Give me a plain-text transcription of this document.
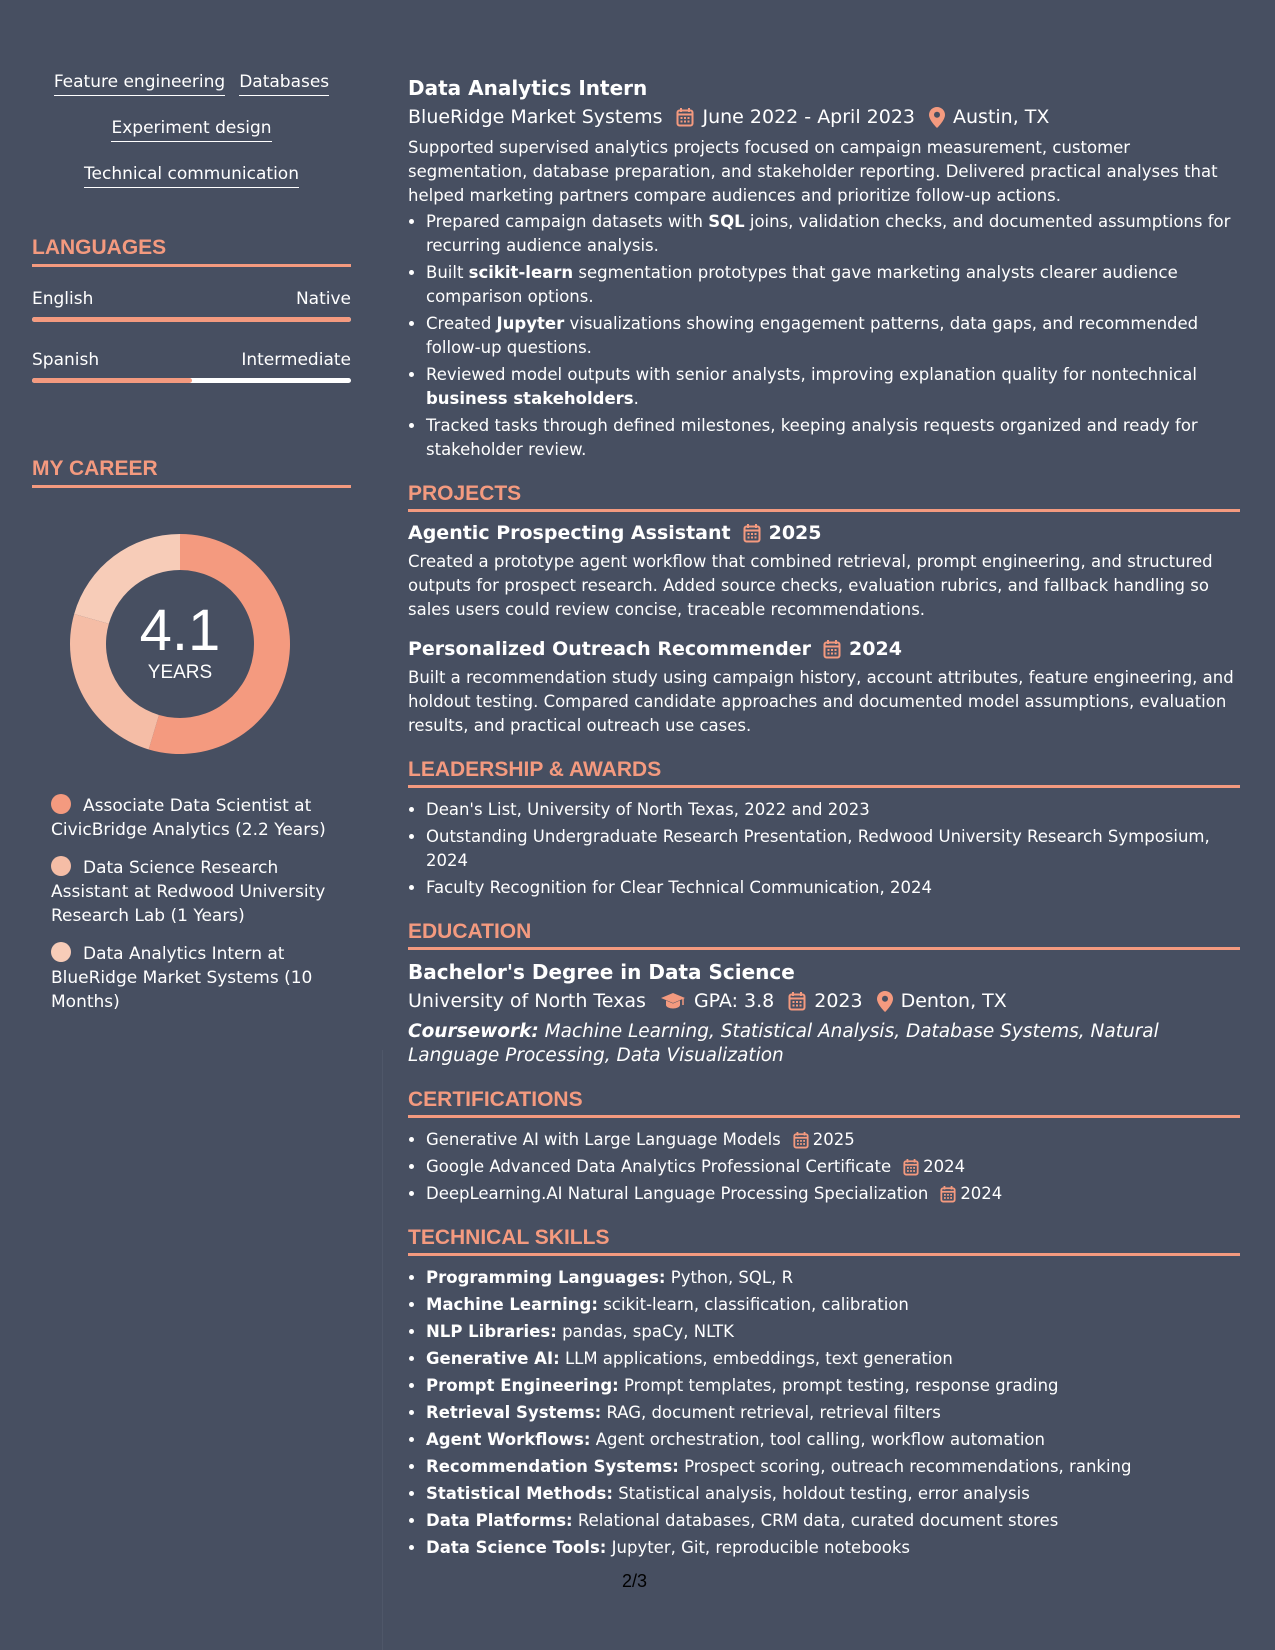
Feature engineering Databases
Experiment design
Technical communication
LANGUAGES
English	Native
Spanish	Intermediate
MY CAREER
4.1
YEARS
Associate Data Scientist at CivicBridge Analytics (2.2 Years)
Data Science Research Assistant at Redwood University Research Lab (1 Years)
Data Analytics Intern at BlueRidge Market Systems (10 Months)
Data Analytics Intern
BlueRidge Market Systems June 2022 - April 2023 Austin, TX

Supported supervised analytics projects focused on campaign measurement, customer segmentation, database preparation, and stakeholder reporting. Delivered practical analyses that helped marketing partners compare audiences and prioritize follow-up actions.

• Prepared campaign datasets with SQL joins, validation checks, and documented assumptions for recurring audience analysis.
• Built scikit-learn segmentation prototypes that gave marketing analysts clearer audience comparison options.
• Created Jupyter visualizations showing engagement patterns, data gaps, and recommended follow-up questions.
• Reviewed model outputs with senior analysts, improving explanation quality for nontechnical business stakeholders.
• Tracked tasks through defined milestones, keeping analysis requests organized and ready for stakeholder review.
PROJECTS
Agentic Prospecting Assistant 2025

Created a prototype agent workflow that combined retrieval, prompt engineering, and structured outputs for prospect research. Added source checks, evaluation rubrics, and fallback handling so sales users could review concise, traceable recommendations.

Personalized Outreach Recommender 2024

Built a recommendation study using campaign history, account attributes, feature engineering, and holdout testing. Compared candidate approaches and documented model assumptions, evaluation results, and practical outreach use cases.

LEADERSHIP & AWARDS
• Dean's List, University of North Texas, 2022 and 2023
• Outstanding Undergraduate Research Presentation, Redwood University Research Symposium, 2024
• Faculty Recognition for Clear Technical Communication, 2024
EDUCATION
Bachelor's Degree in Data Science
University of North Texas	GPA: 3.8 2023 Denton, TX
Coursework: Machine Learning, Statistical Analysis, Database Systems, Natural Language Processing, Data Visualization
CERTIFICATIONS
• Generative AI with Large Language Models 2025
• Google Advanced Data Analytics Professional Certificate 2024
• DeepLearning.AI Natural Language Processing Specialization 2024
TECHNICAL SKILLS
• Programming Languages: Python, SQL, R
• Machine Learning: scikit-learn, classification, calibration
• NLP Libraries: pandas, spaCy, NLTK
• Generative AI: LLM applications, embeddings, text generation
• Prompt Engineering: Prompt templates, prompt testing, response grading
• Retrieval Systems: RAG, document retrieval, retrieval filters
• Agent Workflows: Agent orchestration, tool calling, workflow automation
• Recommendation Systems: Prospect scoring, outreach recommendations, ranking
• Statistical Methods: Statistical analysis, holdout testing, error analysis
• Data Platforms: Relational databases, CRM data, curated document stores
• Data Science Tools: Jupyter, Git, reproducible notebooks
2/3
